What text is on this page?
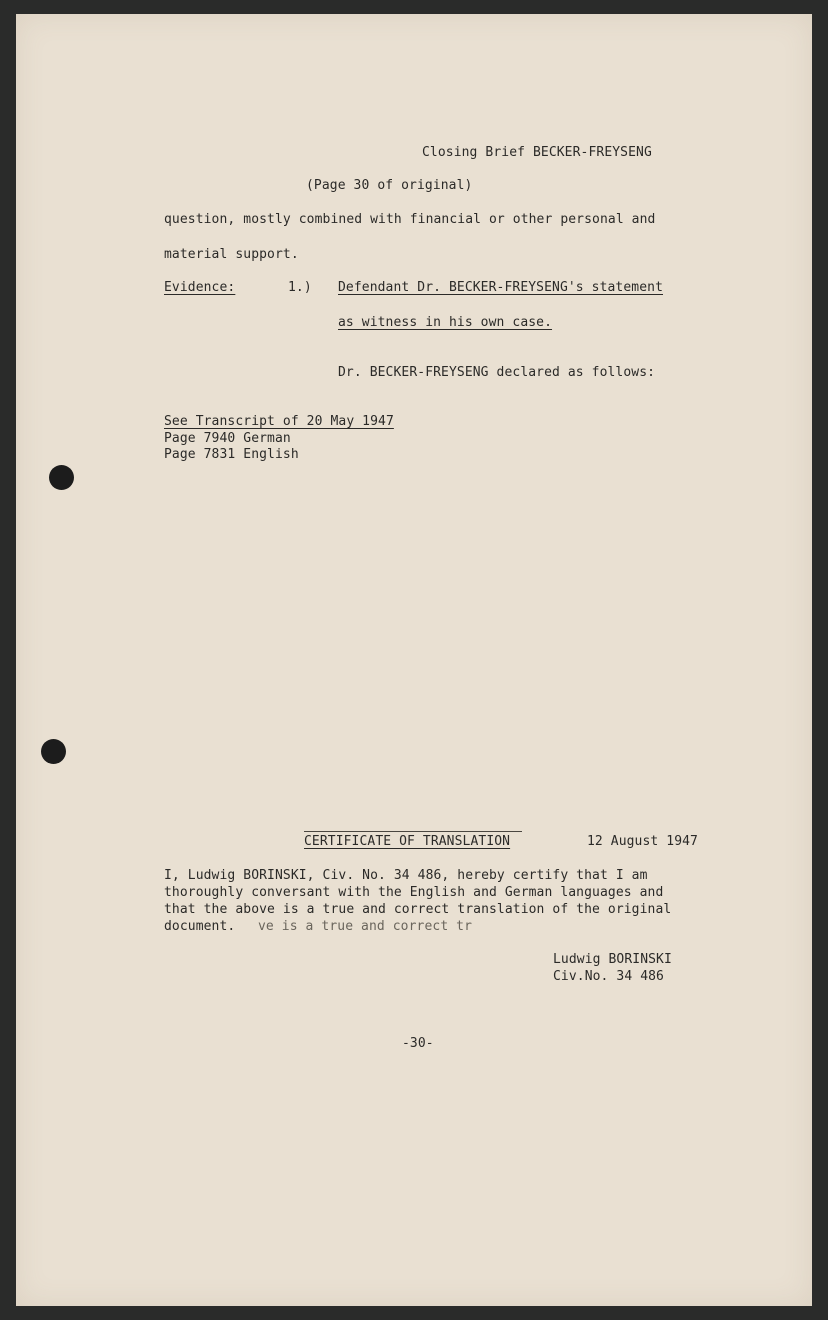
Closing Brief BECKER-FREYSENG
(Page 30 of original)
question, mostly combined with financial or other personal and
material support.
Evidence:	1.) Defendant Dr. BECKER-FREYSENG's statement
as witness in his own case.
Dr. BECKER-FREYSENG declared as follows:
See Transcript of 20 May 1947
Page 7940 German
Page 7831 English
CERTIFICATE OF TRANSLATION	12 August 1947
I, Ludwig BORINSKI, Civ. No. 34 486, hereby certify that I am
thoroughly conversant with the English and German languages and
that the above is a true and correct translation of the original
document. ve is a true and correct tr
Ludwig BORINSKI
Civ.No. 34 486
-30-
